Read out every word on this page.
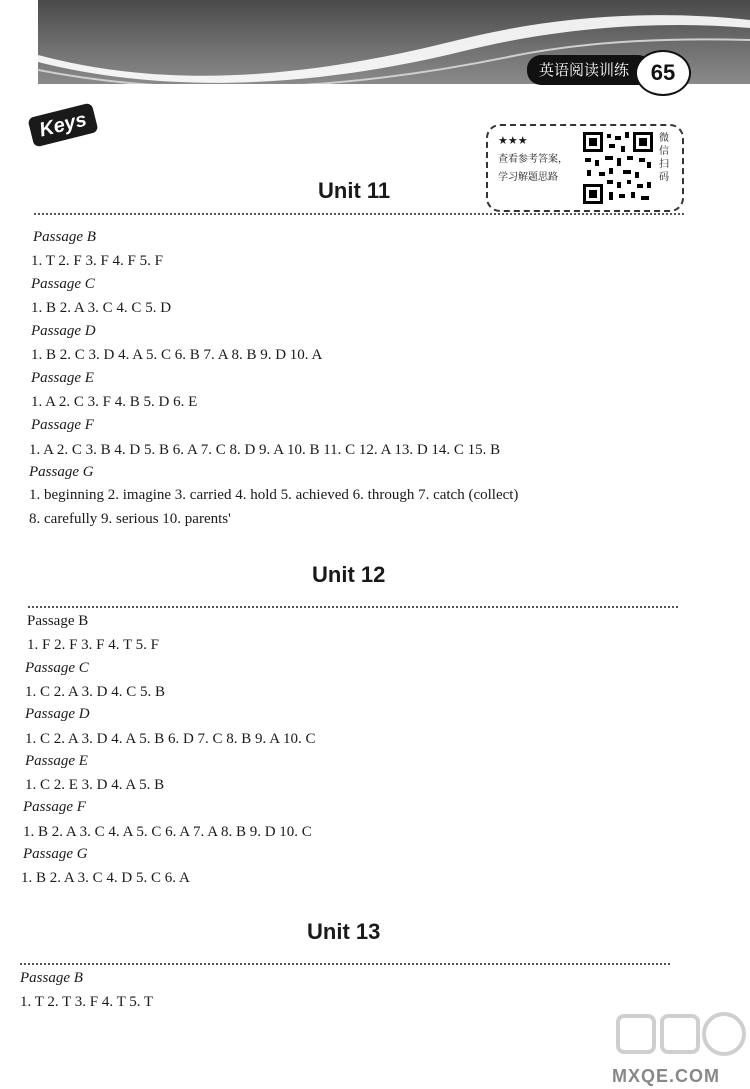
英语阅读训练 65
Keys	★★★
查看参考答案，
学习解题思路
微信扫码
Unit 11

Passage B

1. T 2. F 3. F 4. F 5. F

Passage C

1. B 2. A 3. C 4. C 5. D

Passage D

1. B 2. C 3. D 4. A 5. C 6. B 7. A 8. B 9. D 10. A

Passage E

1. A 2. C 3. F 4. B 5. D 6. E

Passage F

1. A 2. C 3. B 4. D 5. B 6. A 7. C 8. D 9. A 10. B 11. C 12. A 13. D 14. C 15. B

Passage G

1. beginning 2. imagine 3. carried 4. hold 5. achieved 6. through 7. catch (collect)

8. carefully 9. serious 10. parents'

Unit 12

Passage B

1. F 2. F 3. F 4. T 5. F

Passage C

1. C 2. A 3. D 4. C 5. B

Passage D

1. C 2. A 3. D 4. A 5. B 6. D 7. C 8. B 9. A 10. C

Passage E

1. C 2. E 3. D 4. A 5. B

Passage F

1. B 2. A 3. C 4. A 5. C 6. A 7. A 8. B 9. D 10. C

Passage G

1. B 2. A 3. C 4. D 5. C 6. A

Unit 13

Passage B

1. T 2. T 3. F 4. T 5. T

MXQE.COM
